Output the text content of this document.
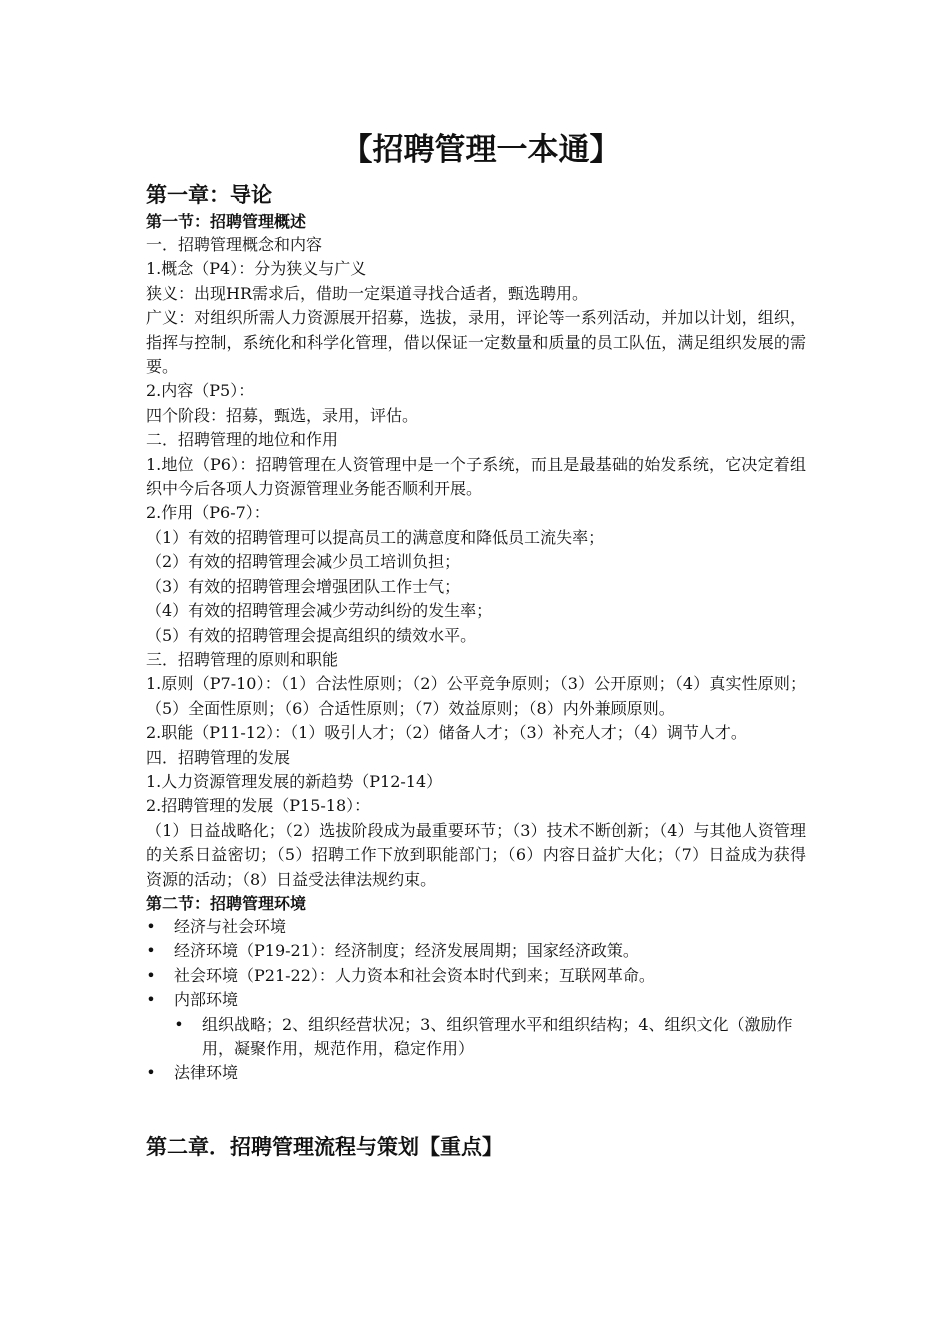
【招聘管理一本通】
第一章：导论
第一节：招聘管理概述

一．招聘管理概念和内容

1.概念（P4）：分为狭义与广义

狭义：出现HR需求后，借助一定渠道寻找合适者，甄选聘用。

广义：对组织所需人力资源展开招募，选拔，录用，评论等一系列活动，并加以计划，组织，指挥与控制，系统化和科学化管理，借以保证一定数量和质量的员工队伍，满足组织发展的需要。

2.内容（P5）：

四个阶段：招募，甄选，录用，评估。

二．招聘管理的地位和作用

1.地位（P6）：招聘管理在人资管理中是一个子系统，而且是最基础的始发系统，它决定着组织中今后各项人力资源管理业务能否顺利开展。

2.作用（P6-7）：

（1）有效的招聘管理可以提高员工的满意度和降低员工流失率；

（2）有效的招聘管理会减少员工培训负担；

（3）有效的招聘管理会增强团队工作士气；

（4）有效的招聘管理会减少劳动纠纷的发生率；

（5）有效的招聘管理会提高组织的绩效水平。

三．招聘管理的原则和职能

1.原则（P7-10）：（1）合法性原则；（2）公平竞争原则；（3）公开原则；（4）真实性原则；（5）全面性原则；（6）合适性原则；（7）效益原则；（8）内外兼顾原则。

2.职能（P11-12）：（1）吸引人才；（2）储备人才；（3）补充人才；（4）调节人才。

四．招聘管理的发展

1.人力资源管理发展的新趋势（P12-14）

2.招聘管理的发展（P15-18）：

（1）日益战略化；（2）选拔阶段成为最重要环节；（3）技术不断创新；（4）与其他人资管理的关系日益密切；（5）招聘工作下放到职能部门；（6）内容日益扩大化；（7）日益成为获得资源的活动；（8）日益受法律法规约束。

第二节：招聘管理环境
• 经济与社会环境
• 经济环境（P19-21）：经济制度；经济发展周期；国家经济政策。
• 社会环境（P21-22）：人力资本和社会资本时代到来；互联网革命。
• 内部环境
• 组织战略；2、组织经营状况；3、组织管理水平和组织结构；4、组织文化（激励作用，凝聚作用，规范作用，稳定作用）
• 法律环境
第二章．招聘管理流程与策划【重点】
